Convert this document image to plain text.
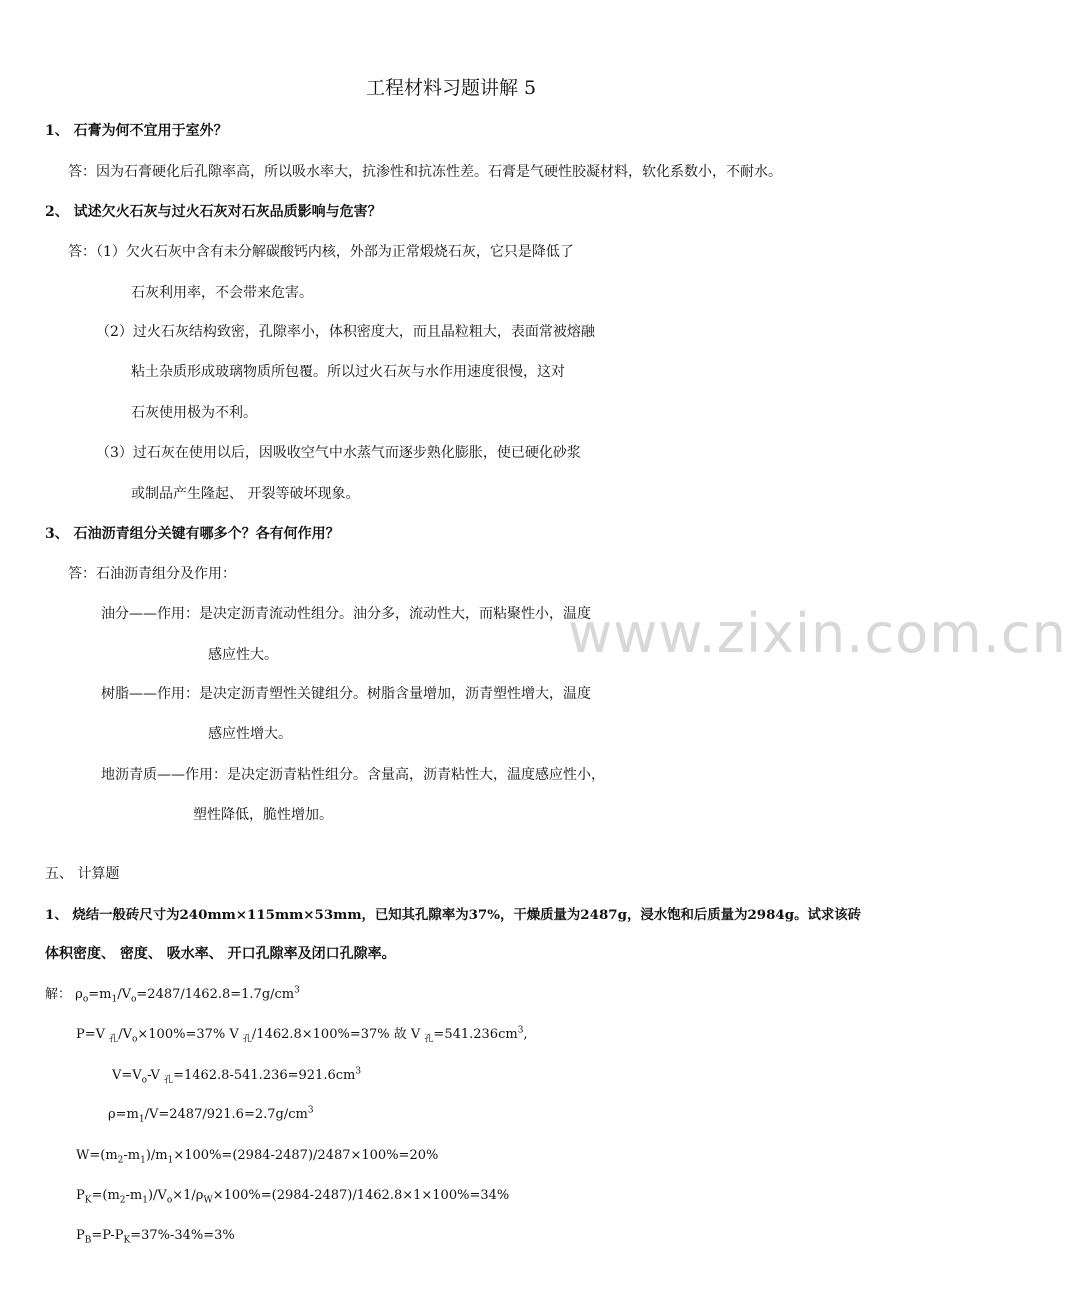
www.zixin.com.cn
工程材料习题讲解 5
1、 石膏为何不宜用于室外？
答：因为石膏硬化后孔隙率高，所以吸水率大，抗渗性和抗冻性差。石膏是气硬性胶凝材料，软化系数小，不耐水。
2、 试述欠火石灰与过火石灰对石灰品质影响与危害？
答：（1）欠火石灰中含有未分解碳酸钙内核，外部为正常煅烧石灰，它只是降低了
石灰利用率，不会带来危害。
（2）过火石灰结构致密，孔隙率小，体积密度大，而且晶粒粗大，表面常被熔融
粘土杂质形成玻璃物质所包覆。所以过火石灰与水作用速度很慢，这对
石灰使用极为不利。
（3）过石灰在使用以后，因吸收空气中水蒸气而逐步熟化膨胀，使已硬化砂浆
或制品产生隆起、 开裂等破坏现象。
3、 石油沥青组分关键有哪多个？各有何作用？
答：石油沥青组分及作用：
油分——作用：是决定沥青流动性组分。油分多，流动性大，而粘聚性小，温度
感应性大。
树脂——作用：是决定沥青塑性关键组分。树脂含量增加，沥青塑性增大，温度
感应性增大。
地沥青质——作用：是决定沥青粘性组分。含量高，沥青粘性大，温度感应性小，
塑性降低，脆性增加。
五、 计算题
1、 烧结一般砖尺寸为240mm×115mm×53mm，已知其孔隙率为37%，干燥质量为2487g，浸水饱和后质量为2984g。试求该砖
体积密度、 密度、 吸水率、 开口孔隙率及闭口孔隙率。
解： $\rho_o=m_1/V_o=2487/1462.8=1.7g/cm^3$
P=V $_孔/V_o\times 100\%=37\%$ V $_孔$/1462.8×100%=37% 故 V $_孔=541.236cm^3$,
$V=V_o-V$ $_孔=1462.8-541.236=921.6cm^3$
$\rho=m_1/V=2487/921.6=2.7g/cm^3$
$W=(m_2-m_1)/m_1\times 100\%=(2984-2487)/2487\times 100\%=20\%$
$P_K=(m_2-m_1)/V_o\times 1/\rho_W\times 100\%=(2984-2487)/1462.8\times 1\times 100\%=34\%$
$P_B=P-P_K=37\%-34\%=3\%$
